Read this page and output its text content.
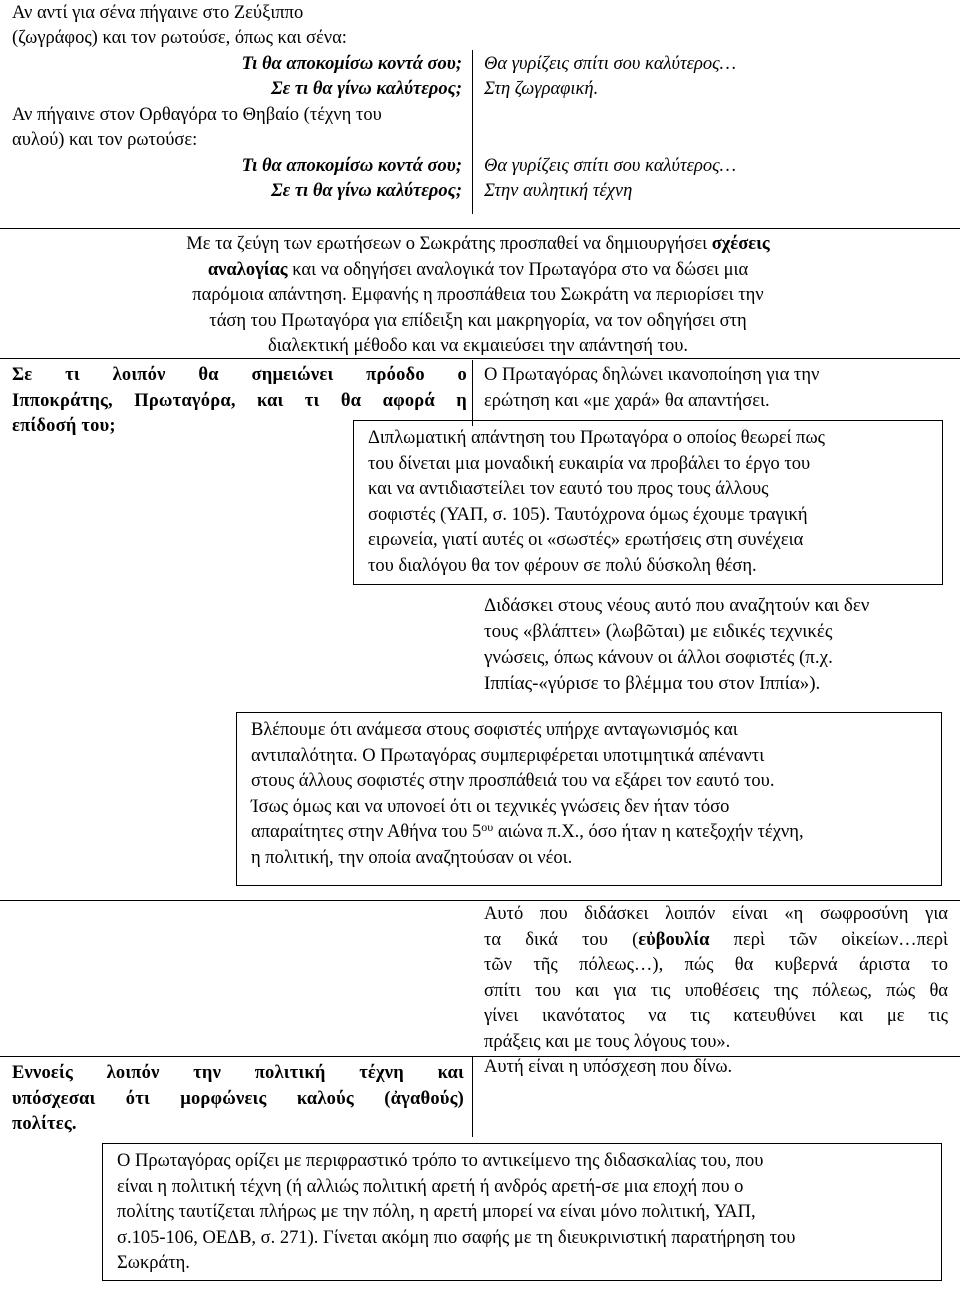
Αν αντί για σένα πήγαινε στο Ζεύξιππο
(ζωγράφος) και τον ρωτούσε, όπως και σένα:
Τι θα αποκομίσω κοντά σου;
Σε τι θα γίνω καλύτερος;
Θα γυρίζεις σπίτι σου καλύτερος…
Στη ζωγραφική.
Αν πήγαινε στον Ορθαγόρα το Θηβαίο (τέχνη του
αυλού) και τον ρωτούσε:
Τι θα αποκομίσω κοντά σου;
Σε τι θα γίνω καλύτερος;
Θα γυρίζεις σπίτι σου καλύτερος…
Στην αυλητική τέχνη
Με τα ζεύγη των ερωτήσεων ο Σωκράτης προσπαθεί να δημιουργήσει σχέσεις
αναλογίας και να οδηγήσει αναλογικά τον Πρωταγόρα στο να δώσει μια
παρόμοια απάντηση. Εμφανής η προσπάθεια του Σωκράτη να περιορίσει την
τάση του Πρωταγόρα για επίδειξη και μακρηγορία, να τον οδηγήσει στη
διαλεκτική μέθοδο και να εκμαιεύσει την απάντησή του.
Σε τι λοιπόν θα σημειώνει πρόοδο ο
Ιπποκράτης, Πρωταγόρα, και τι θα αφορά η
επίδοσή του;
Ο Πρωταγόρας δηλώνει ικανοποίηση για την
ερώτηση και «με χαρά» θα απαντήσει.
Διπλωματική απάντηση του Πρωταγόρα ο οποίος θεωρεί πως
του δίνεται μια μοναδική ευκαιρία να προβάλει το έργο του
και να αντιδιαστείλει τον εαυτό του προς τους άλλους
σοφιστές (ΥΑΠ, σ. 105). Ταυτόχρονα όμως έχουμε τραγική
ειρωνεία, γιατί αυτές οι «σωστές» ερωτήσεις στη συνέχεια
του διαλόγου θα τον φέρουν σε πολύ δύσκολη θέση.
Διδάσκει στους νέους αυτό που αναζητούν και δεν
τους «βλάπτει» (λωβῶται) με ειδικές τεχνικές
γνώσεις, όπως κάνουν οι άλλοι σοφιστές (π.χ.
Ιππίας-«γύρισε το βλέμμα του στον Ιππία»).
Βλέπουμε ότι ανάμεσα στους σοφιστές υπήρχε ανταγωνισμός και
αντιπαλότητα. Ο Πρωταγόρας συμπεριφέρεται υποτιμητικά απέναντι
στους άλλους σοφιστές στην προσπάθειά του να εξάρει τον εαυτό του.
Ίσως όμως και να υπονοεί ότι οι τεχνικές γνώσεις δεν ήταν τόσο
απαραίτητες στην Αθήνα του $5^{o\upsilon}$ αιώνα π.Χ., όσο ήταν η κατεξοχήν τέχνη,
η πολιτική, την οποία αναζητούσαν οι νέοι.
Αυτό που διδάσκει λοιπόν είναι «η σωφροσύνη για
τα δικά του (εὐβουλία περὶ τῶν οἰκείων…περὶ
τῶν τῆς πόλεως…), πώς θα κυβερνά άριστα το
σπίτι του και για τις υποθέσεις της πόλεως, πώς θα
γίνει ικανότατος να τις κατευθύνει και με τις
πράξεις και με τους λόγους του».
Αυτή είναι η υπόσχεση που δίνω.
Εννοείς λοιπόν την πολιτική τέχνη και
υπόσχεσαι ότι μορφώνεις καλούς (ἀγαθούς)
πολίτες.
Ο Πρωταγόρας ορίζει με περιφραστικό τρόπο το αντικείμενο της διδασκαλίας του, που
είναι η πολιτική τέχνη (ή αλλιώς πολιτική αρετή ή ανδρός αρετή-σε μια εποχή που ο
πολίτης ταυτίζεται πλήρως με την πόλη, η αρετή μπορεί να είναι μόνο πολιτική, ΥΑΠ,
σ.105-106, ΟΕΔΒ, σ. 271). Γίνεται ακόμη πιο σαφής με τη διευκρινιστική παρατήρηση του
Σωκράτη.
